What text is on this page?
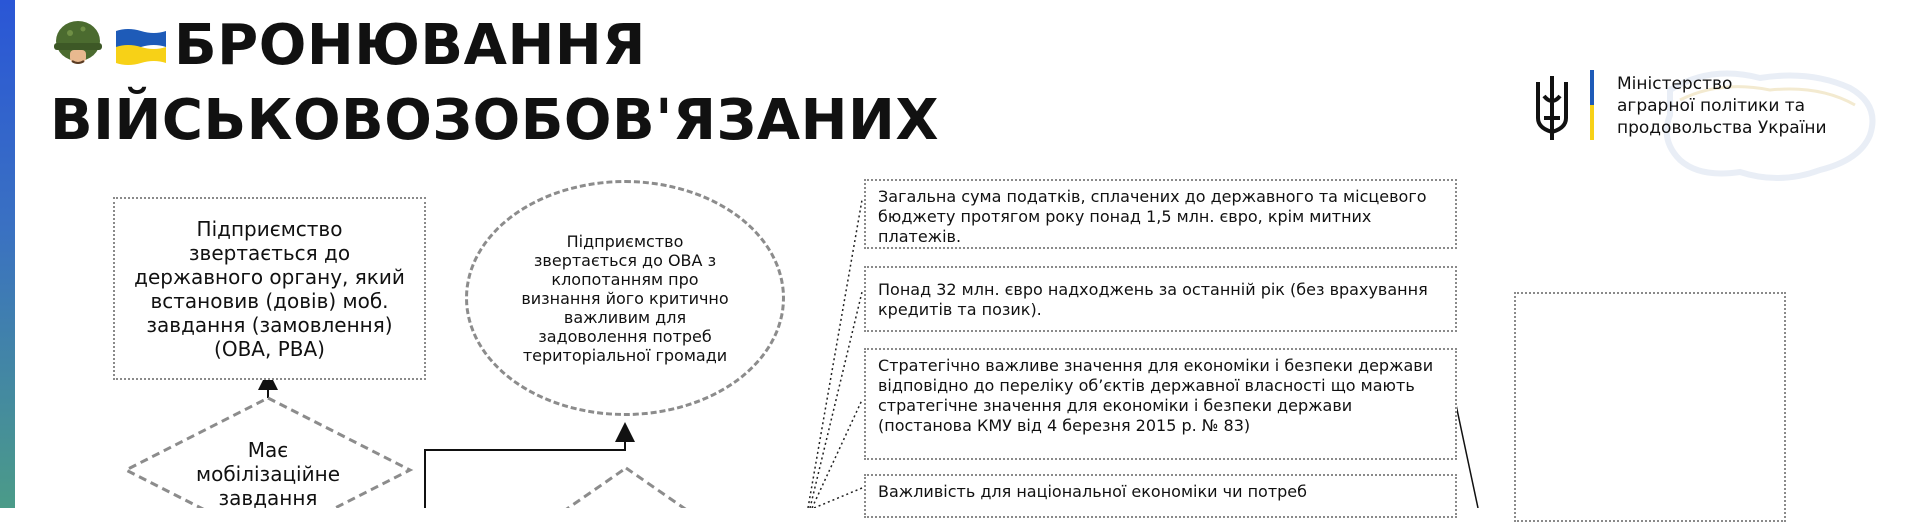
БРОНЮВАННЯ
ВІЙСЬКОВОЗОБОВ'ЯЗАНИХ
Міністерство
аграрної політики та
продовольства України
Має мобілізаційне завдання
Підприємство звертається до державного органу, який встановив (довів) моб. завдання (замовлення) (ОВА, РВА)
Підприємство звертається до ОВА з клопотанням про визнання його критично важливим для задоволення потреб територіальної громади
Загальна сума податків, сплачених до державного та місцевого бюджету протягом року понад 1,5 млн. євро, крім митних платежів.
Понад 32 млн. євро надходжень за останній рік (без врахування кредитів та позик).
Стратегічно важливе значення для економіки і безпеки держави відповідно до переліку об’єктів державної власності що мають стратегічне значення для економіки і безпеки держави (постанова КМУ від 4 березня 2015 р. № 83)
Важливість для національної економіки чи потреб
